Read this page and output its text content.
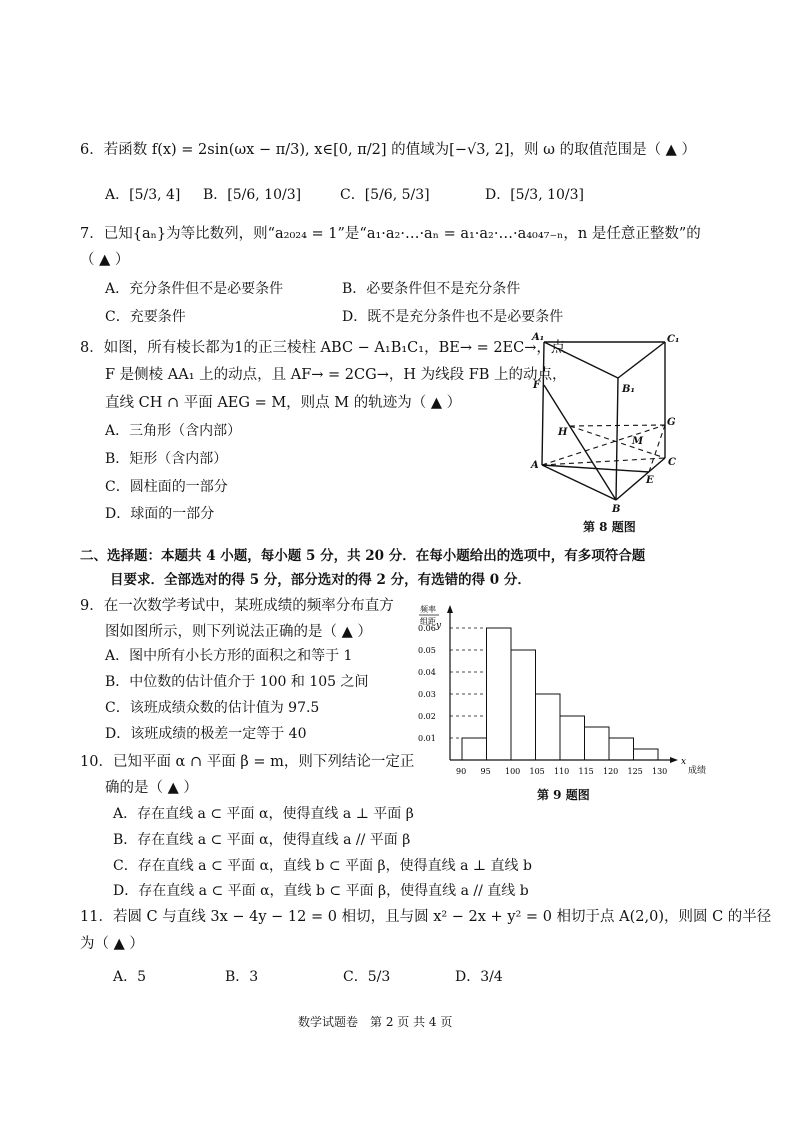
6．若函数 f(x) = 2sin(ωx − π/3), x∈[0, π/2] 的值域为[−√3, 2]，则 ω 的取值范围是（ ▲ ）
A．[5/3, 4] B．[5/6, 10/3]	C．[5/6, 5/3]	D．[5/3, 10/3]
7．已知{aₙ}为等比数列，则“a₂₀₂₄ = 1”是“a₁·a₂·…·aₙ = a₁·a₂·…·a₄₀₄₇₋ₙ，n 是任意正整数”的
（ ▲ ）
A．充分条件但不是必要条件	B．必要条件但不是充分条件
C．充要条件	D．既不是充分条件也不是必要条件
8．如图，所有棱长都为1的正三棱柱 ABC − A₁B₁C₁，BE→ = 2EC→，点
F 是侧棱 AA₁ 上的动点，且 AF→ = 2CG→，H 为线段 FB 上的动点，
直线 CH ∩ 平面 AEG = M，则点 M 的轨迹为（ ▲ ）
A．三角形（含内部）
B．矩形（含内部）
C．圆柱面的一部分
D．球面的一部分
A₁	C₁
B₁
F
G
H
M
A	C
E
B
第 8 题图
二、选择题：本题共 4 小题，每小题 5 分，共 20 分．在每小题给出的选项中，有多项符合题
目要求．全部选对的得 5 分，部分选对的得 2 分，有选错的得 0 分．
9．在一次数学考试中，某班成绩的频率分布直方
图如图所示，则下列说法正确的是（ ▲ ）
A．图中所有小长方形的面积之和等于 1
B．中位数的估计值介于 100 和 105 之间
C．该班成绩众数的估计值为 97.5
D．该班成绩的极差一定等于 40
y
x
频率
组距
成绩
0.01
0.02
0.03
0.04
0.05
0.06
90 95 100 105 110 115 120 125 130
第 9 题图
10．已知平面 α ∩ 平面 β = m，则下列结论一定正
确的是（ ▲ ）
A．存在直线 a ⊂ 平面 α，使得直线 a ⊥ 平面 β
B．存在直线 a ⊂ 平面 α，使得直线 a // 平面 β
C．存在直线 a ⊂ 平面 α，直线 b ⊂ 平面 β，使得直线 a ⊥ 直线 b
D．存在直线 a ⊂ 平面 α，直线 b ⊂ 平面 β，使得直线 a // 直线 b
11．若圆 C 与直线 3x − 4y − 12 = 0 相切，且与圆 x² − 2x + y² = 0 相切于点 A(2,0)，则圆 C 的半径
为（ ▲ ）
A．5	B．3	C．5/3	D．3/4
数学试题卷　第 2 页 共 4 页
